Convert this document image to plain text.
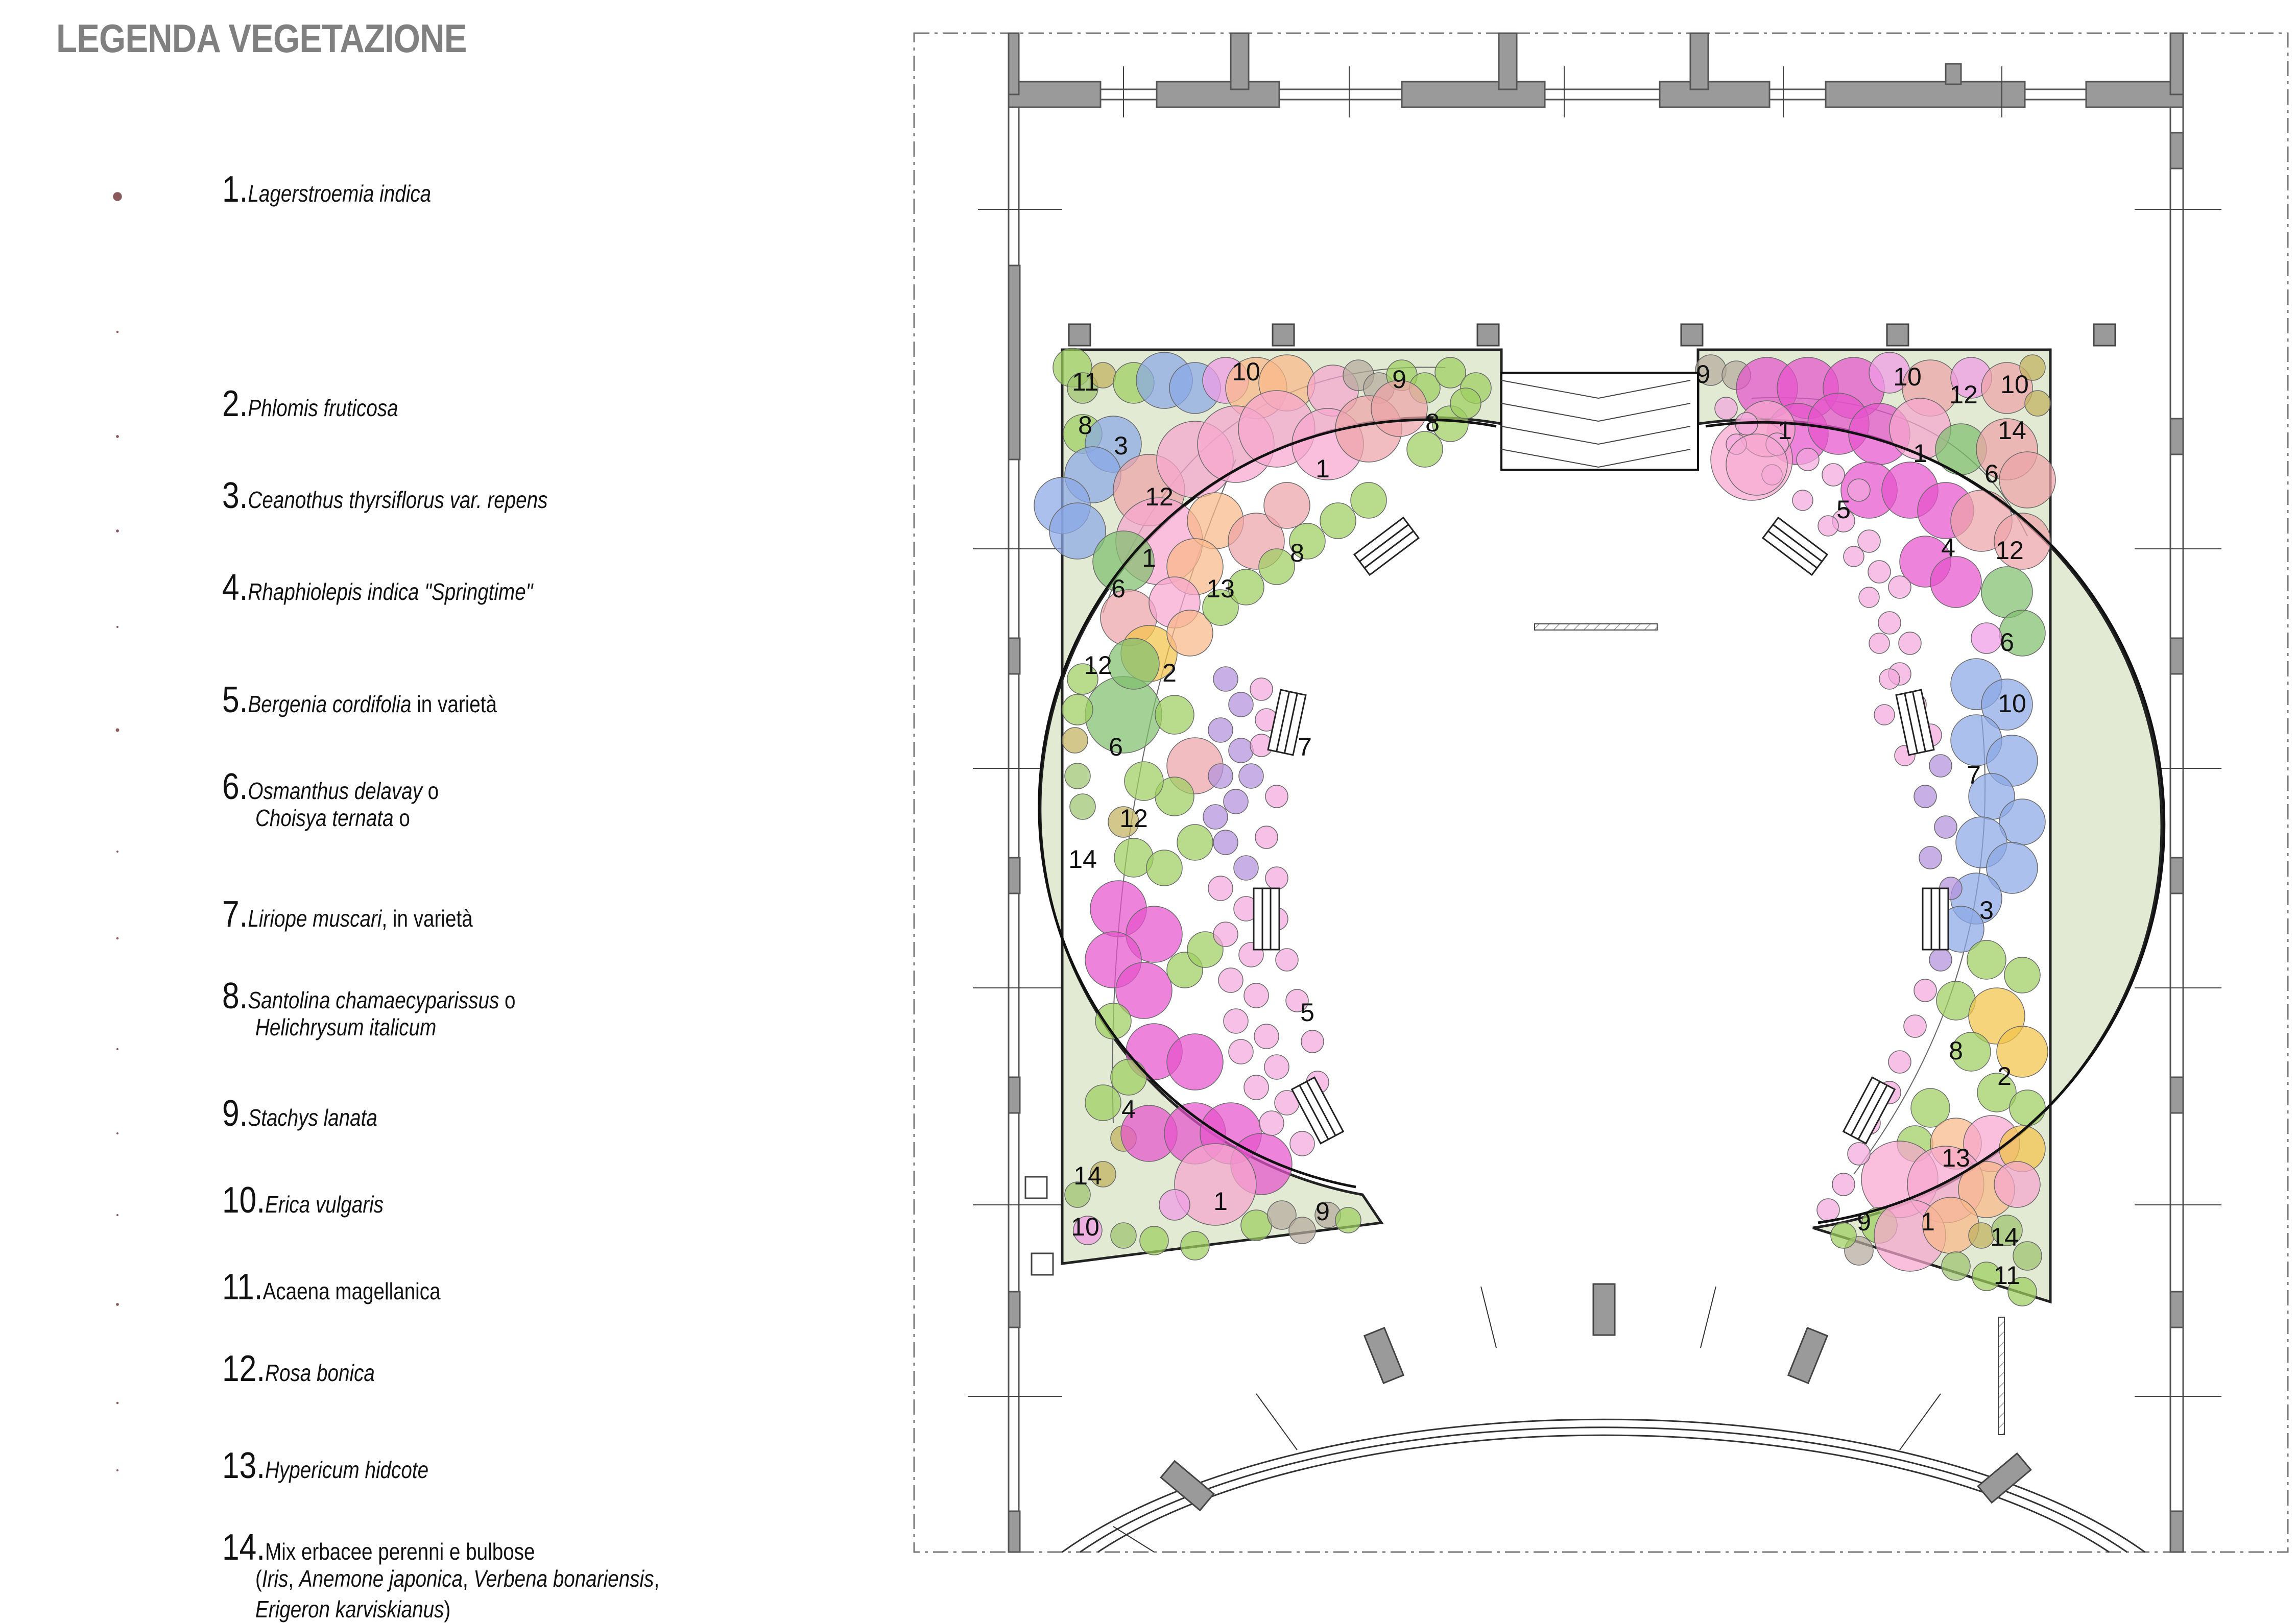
LEGENDA VEGETAZIONE
1.Lagerstroemia indica
2.Phlomis fruticosa
3.Ceanothus thyrsiflorus var. repens
4.Rhaphiolepis indica "Springtime"
5.Bergenia cordifolia in varietà
6.Osmanthus delavay o
Choisya ternata o
7.Liriope muscari, in varietà
8.Santolina chamaecyparissus o
Helichrysum italicum
9.Stachys lanata
10.Erica vulgaris
11.Acaena magellanica
12.Rosa bonica
13.Hypericum hidcote
14.Mix erbacee perenni e bulbose
(Iris, Anemone japonica, Verbena bonariensis,
Erigeron karviskianus)
11
8
3
10	9
8
12
1
1	8
6	13
12 2
7
6
12
14
5
4
14
10
1	9
9	10
12 10
1
1
14
6
5
4 12
6
10
7
3
8
2
13
9 1
14
11
